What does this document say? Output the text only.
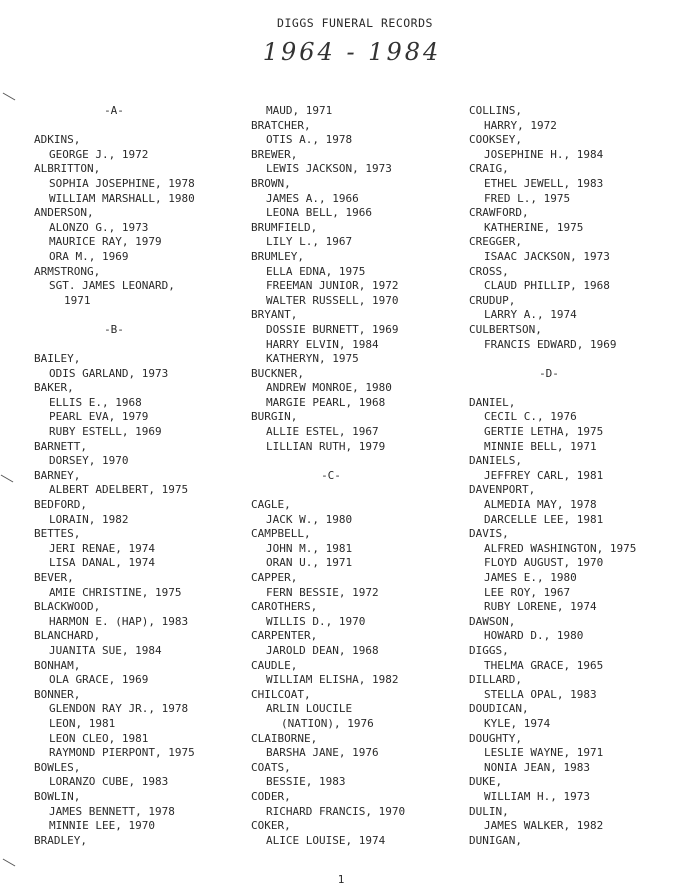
DIGGS FUNERAL RECORDS
1964 - 1984
-A-
ADKINS,
GEORGE J., 1972
ALBRITTON,
SOPHIA JOSEPHINE, 1978
WILLIAM MARSHALL, 1980
ANDERSON,
ALONZO G., 1973
MAURICE RAY, 1979
ORA M., 1969
ARMSTRONG,
SGT. JAMES LEONARD,
1971
-B-
BAILEY,
ODIS GARLAND, 1973
BAKER,
ELLIS E., 1968
PEARL EVA, 1979
RUBY ESTELL, 1969
BARNETT,
DORSEY, 1970
BARNEY,
ALBERT ADELBERT, 1975
BEDFORD,
LORAIN, 1982
BETTES,
JERI RENAE, 1974
LISA DANAL, 1974
BEVER,
AMIE CHRISTINE, 1975
BLACKWOOD,
HARMON E. (HAP), 1983
BLANCHARD,
JUANITA SUE, 1984
BONHAM,
OLA GRACE, 1969
BONNER,
GLENDON RAY JR., 1978
LEON, 1981
LEON CLEO, 1981
RAYMOND PIERPONT, 1975
BOWLES,
LORANZO CUBE, 1983
BOWLIN,
JAMES BENNETT, 1978
MINNIE LEE, 1970
BRADLEY,
MAUD, 1971
BRATCHER,
OTIS A., 1978
BREWER,
LEWIS JACKSON, 1973
BROWN,
JAMES A., 1966
LEONA BELL, 1966
BRUMFIELD,
LILY L., 1967
BRUMLEY,
ELLA EDNA, 1975
FREEMAN JUNIOR, 1972
WALTER RUSSELL, 1970
BRYANT,
DOSSIE BURNETT, 1969
HARRY ELVIN, 1984
KATHERYN, 1975
BUCKNER,
ANDREW MONROE, 1980
MARGIE PEARL, 1968
BURGIN,
ALLIE ESTEL, 1967
LILLIAN RUTH, 1979
-C-
CAGLE,
JACK W., 1980
CAMPBELL,
JOHN M., 1981
ORAN U., 1971
CAPPER,
FERN BESSIE, 1972
CAROTHERS,
WILLIS D., 1970
CARPENTER,
JAROLD DEAN, 1968
CAUDLE,
WILLIAM ELISHA, 1982
CHILCOAT,
ARLIN LOUCILE
(NATION), 1976
CLAIBORNE,
BARSHA JANE, 1976
COATS,
BESSIE, 1983
CODER,
RICHARD FRANCIS, 1970
COKER,
ALICE LOUISE, 1974
COLLINS,
HARRY, 1972
COOKSEY,
JOSEPHINE H., 1984
CRAIG,
ETHEL JEWELL, 1983
FRED L., 1975
CRAWFORD,
KATHERINE, 1975
CREGGER,
ISAAC JACKSON, 1973
CROSS,
CLAUD PHILLIP, 1968
CRUDUP,
LARRY A., 1974
CULBERTSON,
FRANCIS EDWARD, 1969
-D-
DANIEL,
CECIL C., 1976
GERTIE LETHA, 1975
MINNIE BELL, 1971
DANIELS,
JEFFREY CARL, 1981
DAVENPORT,
ALMEDIA MAY, 1978
DARCELLE LEE, 1981
DAVIS,
ALFRED WASHINGTON, 1975
FLOYD AUGUST, 1970
JAMES E., 1980
LEE ROY, 1967
RUBY LORENE, 1974
DAWSON,
HOWARD D., 1980
DIGGS,
THELMA GRACE, 1965
DILLARD,
STELLA OPAL, 1983
DOUDICAN,
KYLE, 1974
DOUGHTY,
LESLIE WAYNE, 1971
NONIA JEAN, 1983
DUKE,
WILLIAM H., 1973
DULIN,
JAMES WALKER, 1982
DUNIGAN,
1
